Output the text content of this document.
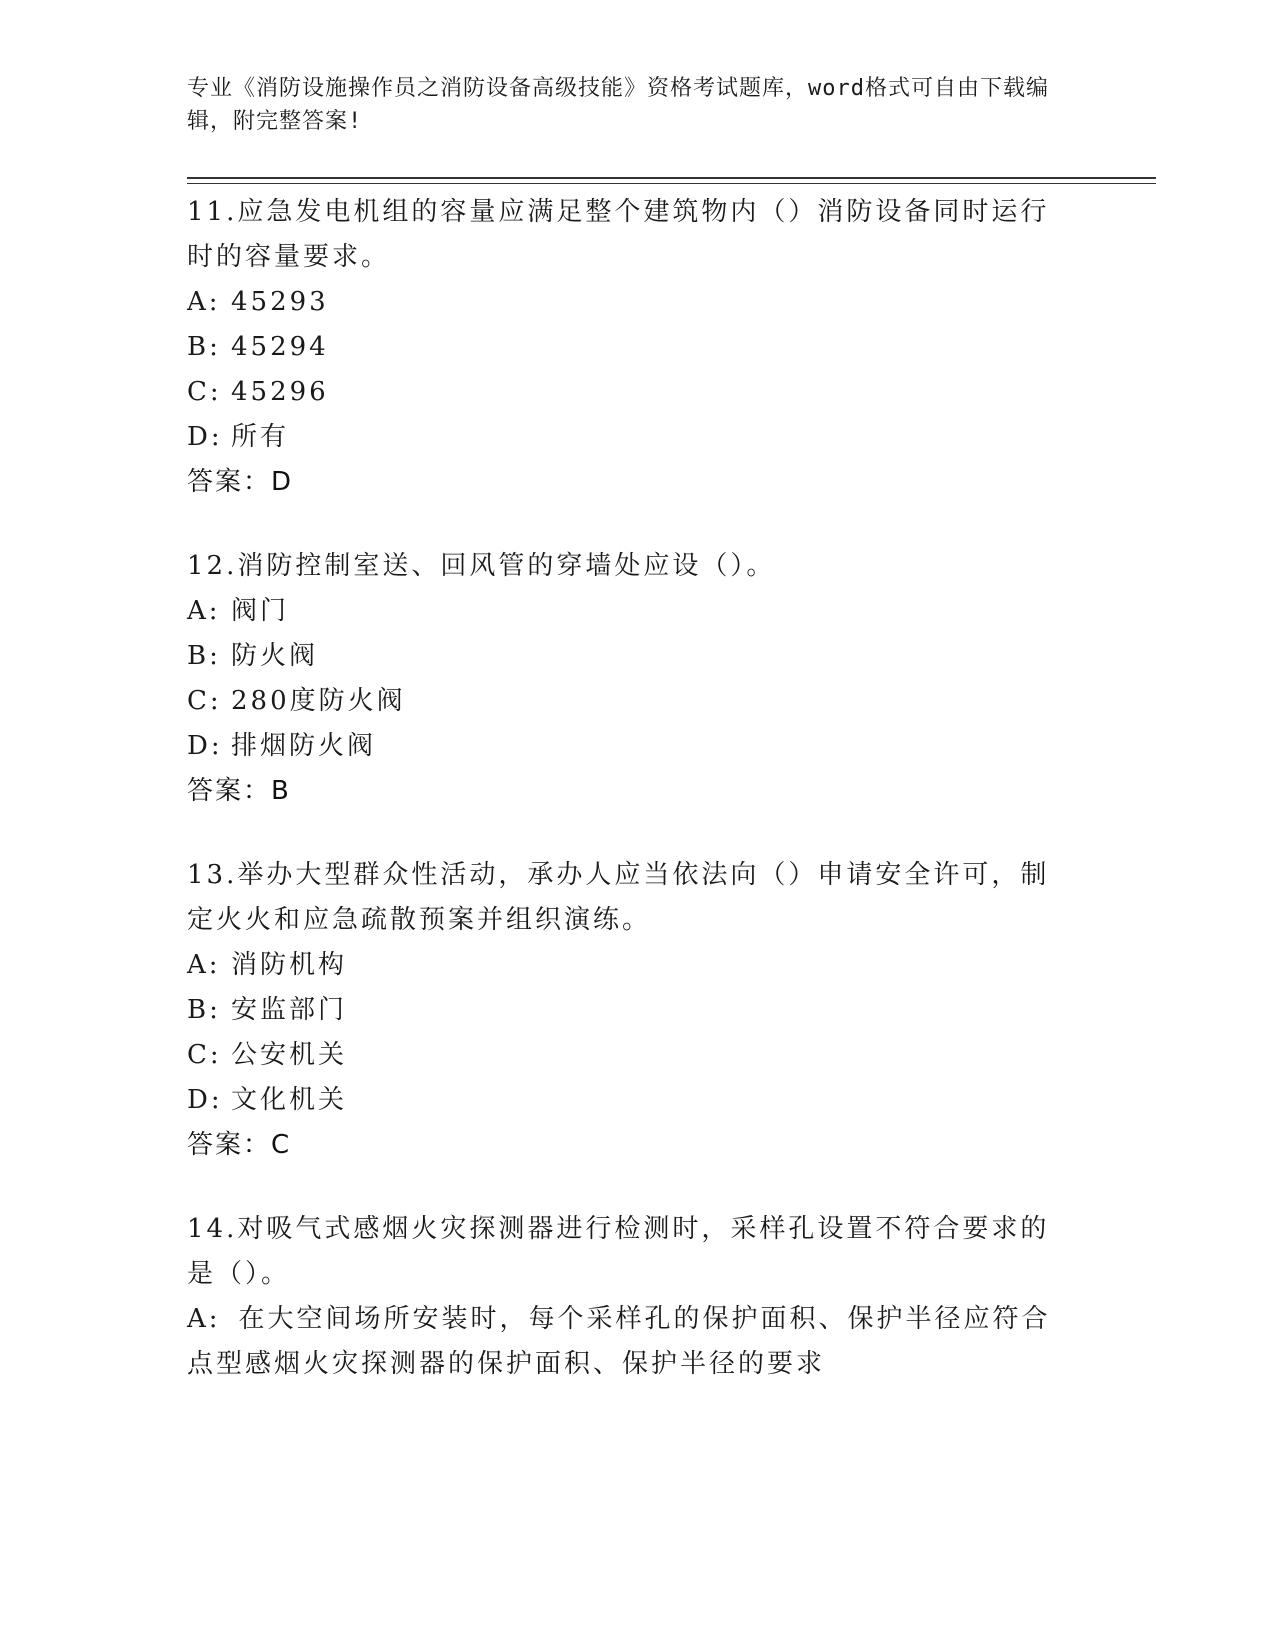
专业《消防设施操作员之消防设备高级技能》资格考试题库，word格式可自由下载编辑，附完整答案!

11.应急发电机组的容量应满足整个建筑物内（）消防设备同时运行时的容量要求。

A: 45293

B: 45294

C: 45296

D: 所有

答案：D

12.消防控制室送、回风管的穿墙处应设（）。

A: 阀门

B: 防火阀

C: 280度防火阀

D: 排烟防火阀

答案：B

13.举办大型群众性活动，承办人应当依法向（）申请安全许可，制定火火和应急疏散预案并组织演练。

A: 消防机构

B: 安监部门

C: 公安机关

D: 文化机关

答案：C

14.对吸气式感烟火灾探测器进行检测时，采样孔设置不符合要求的是（）。

A: 在大空间场所安装时，每个采样孔的保护面积、保护半径应符合点型感烟火灾探测器的保护面积、保护半径的要求
